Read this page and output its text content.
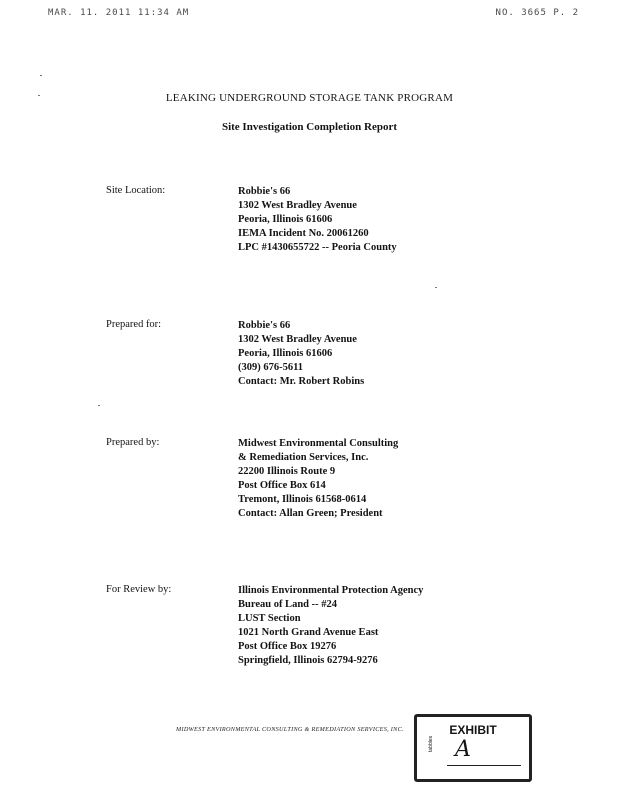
MAR. 11. 2011 11:34 AM	NO. 3665 P. 2
LEAKING UNDERGROUND STORAGE TANK PROGRAM
Site Investigation Completion Report
Site Location:	Robbie's 66
1302 West Bradley Avenue
Peoria, Illinois 61606
IEMA Incident No. 20061260
LPC #1430655722 -- Peoria County
Prepared for:	Robbie's 66
1302 West Bradley Avenue
Peoria, Illinois 61606
(309) 676-5611
Contact: Mr. Robert Robins
Prepared by:	Midwest Environmental Consulting
& Remediation Services, Inc.
22200 Illinois Route 9
Post Office Box 614
Tremont, Illinois 61568-0614
Contact: Allan Green; President
For Review by:	Illinois Environmental Protection Agency
Bureau of Land -- #24
LUST Section
1021 North Grand Avenue East
Post Office Box 19276
Springfield, Illinois 62794-9276
MIDWEST ENVIRONMENTAL CONSULTING & REMEDIATION SERVICES, INC.	EXHIBIT
tabbles A
